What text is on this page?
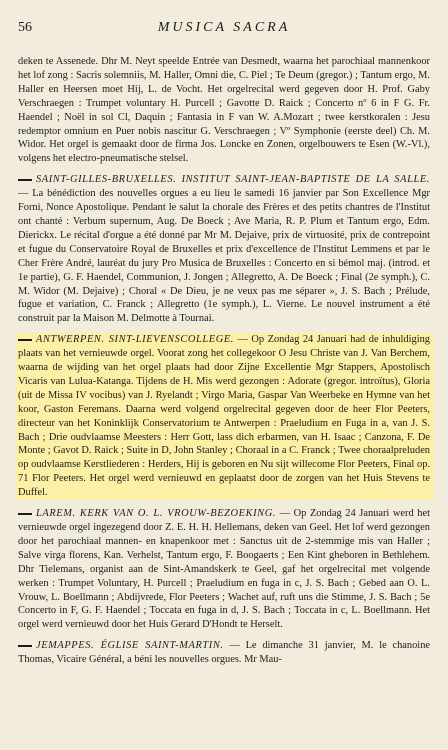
56	MUSICA SACRA

deken te Assenede. Dhr M. Neyt speelde Entrée van Desmedt, waarna het parochiaal mannenkoor het lof zong : Sacris solemniis, M. Haller, Omni die, C. Piel ; Te Deum (gregor.) ; Tantum ergo, M. Haller en Heersen moet Hij, L. de Vocht. Het orgelrecital werd gegeven door H. Prof. Gaby Verschraegen : Trumpet voluntary H. Purcell ; Gavotte D. Raick ; Concerto nº 6 in F G. Fr. Haendel ; Noël in sol Cl, Daquin ; Fantasia in F van W. A.Mozart ; twee kerstkoralen : Jesu redemptor omnium en Puer nobis nascitur G. Verschraegen ; Vº Symphonie (eerste deel) Ch. M. Widor. Het orgel is gemaakt door de firma Jos. Loncke en Zonen, orgelbouwers te Esen (W.-Vl.), volgens het electro-pneumatische stelsel.

SAINT-GILLES-BRUXELLES. INSTITUT SAINT-JEAN-BAPTISTE DE LA SALLE. — La bénédiction des nouvelles orgues a eu lieu le samedi 16 janvier par Son Excellence Mgr Forni, Nonce Apostolique. Pendant le salut la chorale des Frères et des petits chantres de l'Institut ont chanté : Verbum supernum, Aug. De Boeck ; Ave Maria, R. P. Plum et Tantum ergo, Edm. Dierickx. Le récital d'orgue a été donné par Mr M. Dejaive, prix de virtuosité, prix de contrepoint et fugue du Conservatoire Royal de Bruxelles et prix d'excellence de l'Institut Lemmens et par le Cher Frère André, lauréat du jury Pro Musica de Bruxelles : Concerto en si bémol maj. (introd. et 1e partie), G. F. Haendel, Communion, J. Jongen ; Allegretto, A. De Boeck ; Final (2e symph.), C. M. Widor (M. Dejaive) ; Choral « De Dieu, je ne veux pas me séparer », J. S. Bach ; Prélude, fugue et variation, C. Franck ; Allegretto (1e symph.), L. Vierne. Le nouvel instrument a été construit par la Maison M. Delmotte à Tournai.

ANTWERPEN. SINT-LIEVENSCOLLEGE. — Op Zondag 24 Januari had de inhuldiging plaats van het vernieuwde orgel. Voorat zong het collegekoor O Jesu Christe van J. Van Berchem, waarna de wijding van het orgel plaats had door Zijne Excellentie Mgr Stappers, Apostolisch Vicaris van Lulua-Katanga. Tijdens de H. Mis werd gezongen : Adorate (gregor. introïtus), Gloria (uit de Missa IV vocibus) van J. Ryelandt ; Virgo Maria, Gaspar Van Weerbeke en Hymne van het koor, Gaston Feremans. Daarna werd volgend orgelrecital gegeven door de heer Flor Peeters, directeur van het Koninklijk Conservatorium te Antwerpen : Praeludium en Fuga in a, van J. S. Bach ; Drie oudvlaamse Meesters : Herr Gott, lass dich erbarmen, van H. Isaac ; Canzona, F. De Monte ; Gavot D. Raick ; Suite in D, John Stanley ; Choraal in a C. Franck ; Twee choraalpreluden op oudvlaamse Kerstliederen : Herders, Hij is geboren en Nu sijt willecome Flor Peeters, Final op. 71 Flor Peeters. Het orgel werd vernieuwd en geplaatst door de zorgen van het Huis Stevens te Duffel.

LAREM. KERK VAN O. L. VROUW-BEZOEKING. — Op Zondag 24 Januari werd het vernieuwde orgel ingezegend door Z. E. H. H. Hellemans, deken van Geel. Het lof werd gezongen door het parochiaal mannen- en knapenkoor met : Sanctus uit de 2-stemmige mis van Haller ; Salve virga florens, Kan. Verhelst, Tantum ergo, F. Boogaerts ; Een Kint gheboren in Bethlehem. Dhr Tielemans, organist aan de Sint-Amandskerk te Geel, gaf het orgelrecital met volgende werken : Trumpet Voluntary, H. Purcell ; Praeludium en fuga in c, J. S. Bach ; Gebed aan O. L. Vrouw, L. Boellmann ; Abdijvrede, Flor Peeters ; Wachet auf, ruft uns die Stimme, J. S. Bach ; 5e Concerto in F, G. F. Haendel ; Toccata en fuga in d, J. S. Bach ; Toccata in c, L. Boellmann. Het orgel werd vernieuwd door het Huis Gerard D'Hondt te Herselt.

JEMAPPES. ÉGLISE SAINT-MARTIN. — Le dimanche 31 janvier, M. le chanoine Thomas, Vicaire Général, a béni les nouvelles orgues. Mr Mau-
